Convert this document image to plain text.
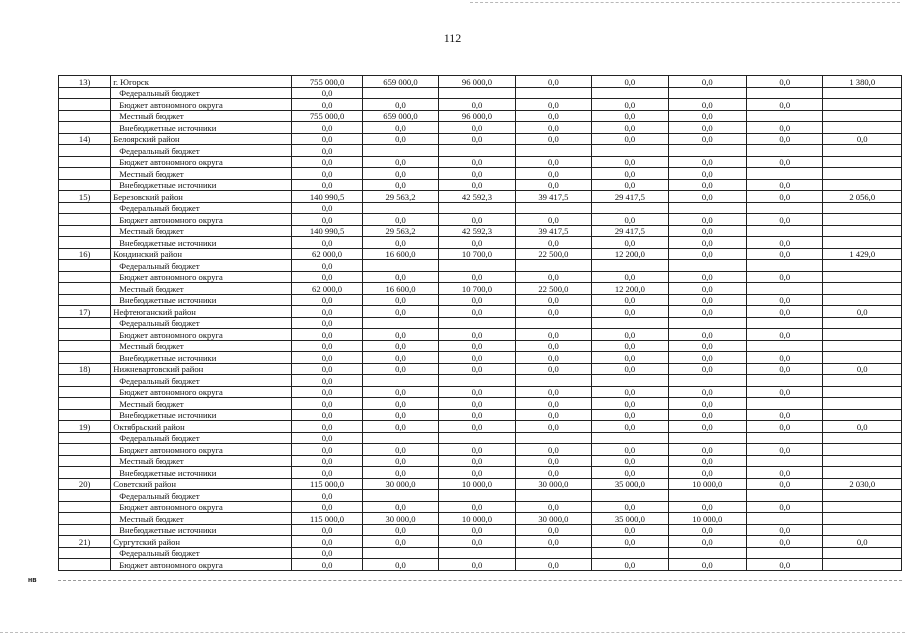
112
13)	г. Югорск	755 000,0	659 000,0	96 000,0	0,0	0,0	0,0	0,0	1 380,0
	Федеральный бюджет	0,0							
	Бюджет автономного округа	0,0	0,0	0,0	0,0	0,0	0,0	0,0	
	Местный бюджет	755 000,0	659 000,0	96 000,0	0,0	0,0	0,0		
	Внебюджетные источники	0,0	0,0	0,0	0,0	0,0	0,0	0,0	
14)	Белоярский район	0,0	0,0	0,0	0,0	0,0	0,0	0,0	0,0
	Федеральный бюджет	0,0							
	Бюджет автономного округа	0,0	0,0	0,0	0,0	0,0	0,0	0,0	
	Местный бюджет	0,0	0,0	0,0	0,0	0,0	0,0		
	Внебюджетные источники	0,0	0,0	0,0	0,0	0,0	0,0	0,0	
15)	Березовский район	140 990,5	29 563,2	42 592,3	39 417,5	29 417,5	0,0	0,0	2 056,0
	Федеральный бюджет	0,0							
	Бюджет автономного округа	0,0	0,0	0,0	0,0	0,0	0,0	0,0	
	Местный бюджет	140 990,5	29 563,2	42 592,3	39 417,5	29 417,5	0,0		
	Внебюджетные источники	0,0	0,0	0,0	0,0	0,0	0,0	0,0	
16)	Кондинский район	62 000,0	16 600,0	10 700,0	22 500,0	12 200,0	0,0	0,0	1 429,0
	Федеральный бюджет	0,0							
	Бюджет автономного округа	0,0	0,0	0,0	0,0	0,0	0,0	0,0	
	Местный бюджет	62 000,0	16 600,0	10 700,0	22 500,0	12 200,0	0,0		
	Внебюджетные источники	0,0	0,0	0,0	0,0	0,0	0,0	0,0	
17)	Нефтеюганский район	0,0	0,0	0,0	0,0	0,0	0,0	0,0	0,0
	Федеральный бюджет	0,0							
	Бюджет автономного округа	0,0	0,0	0,0	0,0	0,0	0,0	0,0	
	Местный бюджет	0,0	0,0	0,0	0,0	0,0	0,0		
	Внебюджетные источники	0,0	0,0	0,0	0,0	0,0	0,0	0,0	
18)	Нижневартовский район	0,0	0,0	0,0	0,0	0,0	0,0	0,0	0,0
	Федеральный бюджет	0,0							
	Бюджет автономного округа	0,0	0,0	0,0	0,0	0,0	0,0	0,0	
	Местный бюджет	0,0	0,0	0,0	0,0	0,0	0,0		
	Внебюджетные источники	0,0	0,0	0,0	0,0	0,0	0,0	0,0	
19)	Октябрьский район	0,0	0,0	0,0	0,0	0,0	0,0	0,0	0,0
	Федеральный бюджет	0,0							
	Бюджет автономного округа	0,0	0,0	0,0	0,0	0,0	0,0	0,0	
	Местный бюджет	0,0	0,0	0,0	0,0	0,0	0,0		
	Внебюджетные источники	0,0	0,0	0,0	0,0	0,0	0,0	0,0	
20)	Советский район	115 000,0	30 000,0	10 000,0	30 000,0	35 000,0	10 000,0	0,0	2 030,0
	Федеральный бюджет	0,0							
	Бюджет автономного округа	0,0	0,0	0,0	0,0	0,0	0,0	0,0	
	Местный бюджет	115 000,0	30 000,0	10 000,0	30 000,0	35 000,0	10 000,0		
	Внебюджетные источники	0,0	0,0	0,0	0,0	0,0	0,0	0,0	
21)	Сургутский район	0,0	0,0	0,0	0,0	0,0	0,0	0,0	0,0
	Федеральный бюджет	0,0							
	Бюджет автономного округа	0,0	0,0	0,0	0,0	0,0	0,0	0,0	
нв
